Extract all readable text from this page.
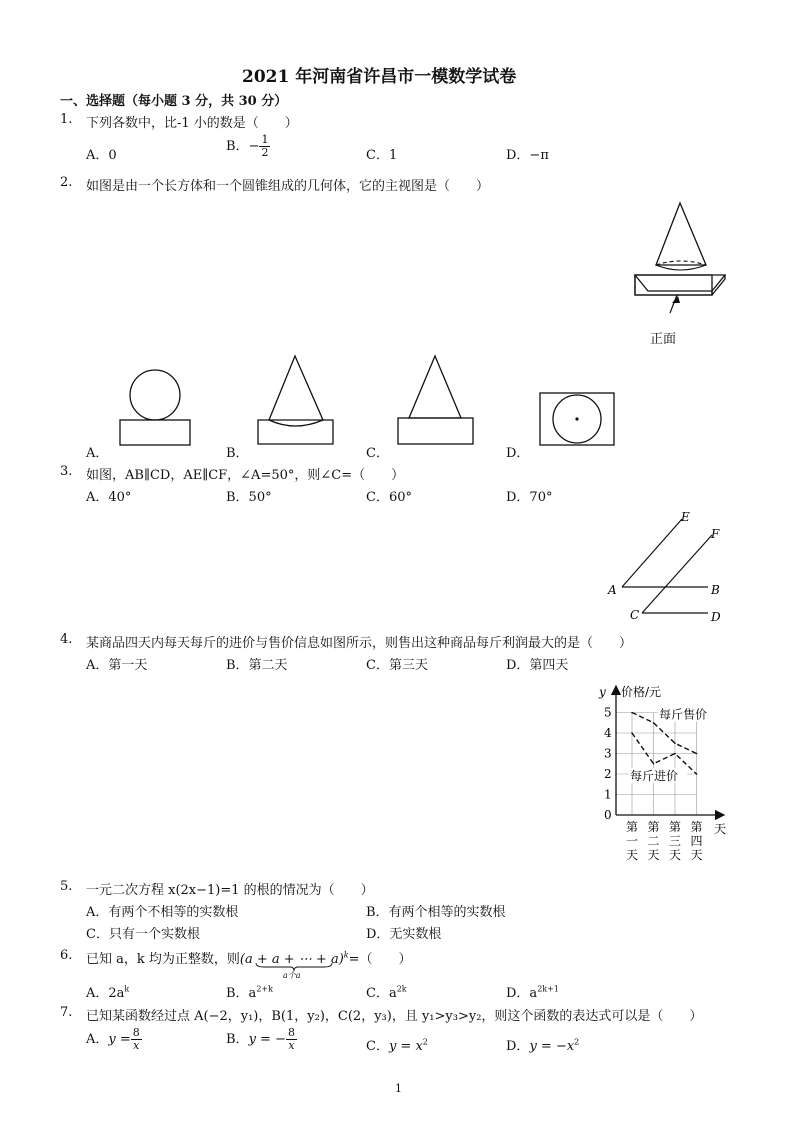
2021 年河南省许昌市一模数学试卷
一、选择题（每小题 3 分，共 30 分）
1. 下列各数中，比-1 小的数是（　　）
A．0
B．− $\frac{1}{2}$	C．1	D．−π
2. 如图是由一个长方体和一个圆锥组成的几何体，它的主视图是（　　）
正面
A．	B．	C．	D．
3. 如图，AB∥CD，AE∥CF，∠A=50°，则∠C=（　　）
A．40°	B．50°	C．60°	D．70°
E
F
A	B
C	D
4. 某商品四天内每天每斤的进价与售价信息如图所示，则售出这种商品每斤利润最大的是（　　）
A．第一天	B．第二天	C．第三天	D．第四天
y 价格/元
天
0
1
2
3
4
5
第一天
第二天
第三天
第四天
每斤售价
每斤进价
5. 一元二次方程 x(2x−1)=1 的根的情况为（　　）
A．有两个不相等的实数根	B．有两个相等的实数根
C．只有一个实数根	D．无实数根
6. 已知 a，k 均为正整数，则(a + a + ⋯ + a)$^k$=（　　）
a个a
A．$2a^k$	B．$a^{2+k}$	C．$a^{2k}$	D．$a^{2k+1}$
7. 已知某函数经过点 A(−2，y₁)，B(1，y₂)，C(2，y₃)，且 y₁>y₃>y₂，则这个函数的表达式可以是（　　）
A．$y = \frac{8}{x}$	B．y = − $\frac{8}{x}$	C．$y = x^2$	D．$y = -x^2$
1
